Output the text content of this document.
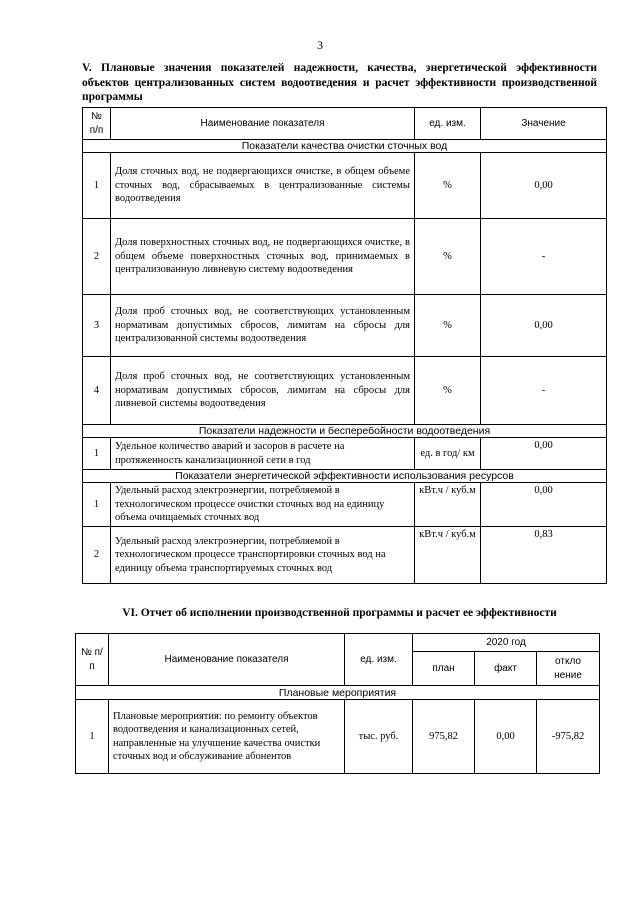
3
V. Плановые значения показателей надежности, качества, энергетической эффективности объектов централизованных систем водоотведения и расчет эффективности производственной программы
№ п/п	Наименование показателя	ед. изм.	Значение
Показатели качества очистки сточных вод			
1	Доля сточных вод, не подвергающихся очистке, в общем объеме сточных вод, сбрасываемых в централизованные системы водоотведения	%	0,00
2	Доля поверхностных сточных вод, не подвергающихся очистке, в общем объеме поверхностных сточных вод, принимаемых в централизованную ливневую систему водоотведения	%	-
3	Доля проб сточных вод, не соответствующих установленным нормативам допустимых сбросов, лимитам на сбросы для централизованной системы водоотведения	%	0,00
4	Доля проб сточных вод, не соответствующих установленным нормативам допустимых сбросов, лимитам на сбросы для ливневой системы водоотведения	%	-
Показатели надежности и бесперебойности водоотведения			
1	Удельное количество аварий и засоров в расчете на протяженность канализационной сети в год	ед. в год/ км	0,00
Показатели энергетической эффективности использования ресурсов			
1	Удельный расход электроэнергии, потребляемой в технологическом процессе очистки сточных вод на единицу объема очищаемых сточных вод	кВт.ч / куб.м	0,00
2	Удельный расход электроэнергии, потребляемой в технологическом процессе транспортировки сточных вод на единицу объема транспортируемых сточных вод	кВт.ч / куб.м	0,83
VI. Отчет об исполнении производственной программы и расчет ее эффективности
№ п/п	Наименование показателя	ед. изм.	2020 год		
			план	факт	откло нение
Плановые мероприятия					
1	Плановые мероприятия: по ремонту объектов водоотведения и канализационных сетей, направленные на улучшение качества очистки сточных вод и обслуживание абонентов	тыс. руб.	975,82	0,00	-975,82
